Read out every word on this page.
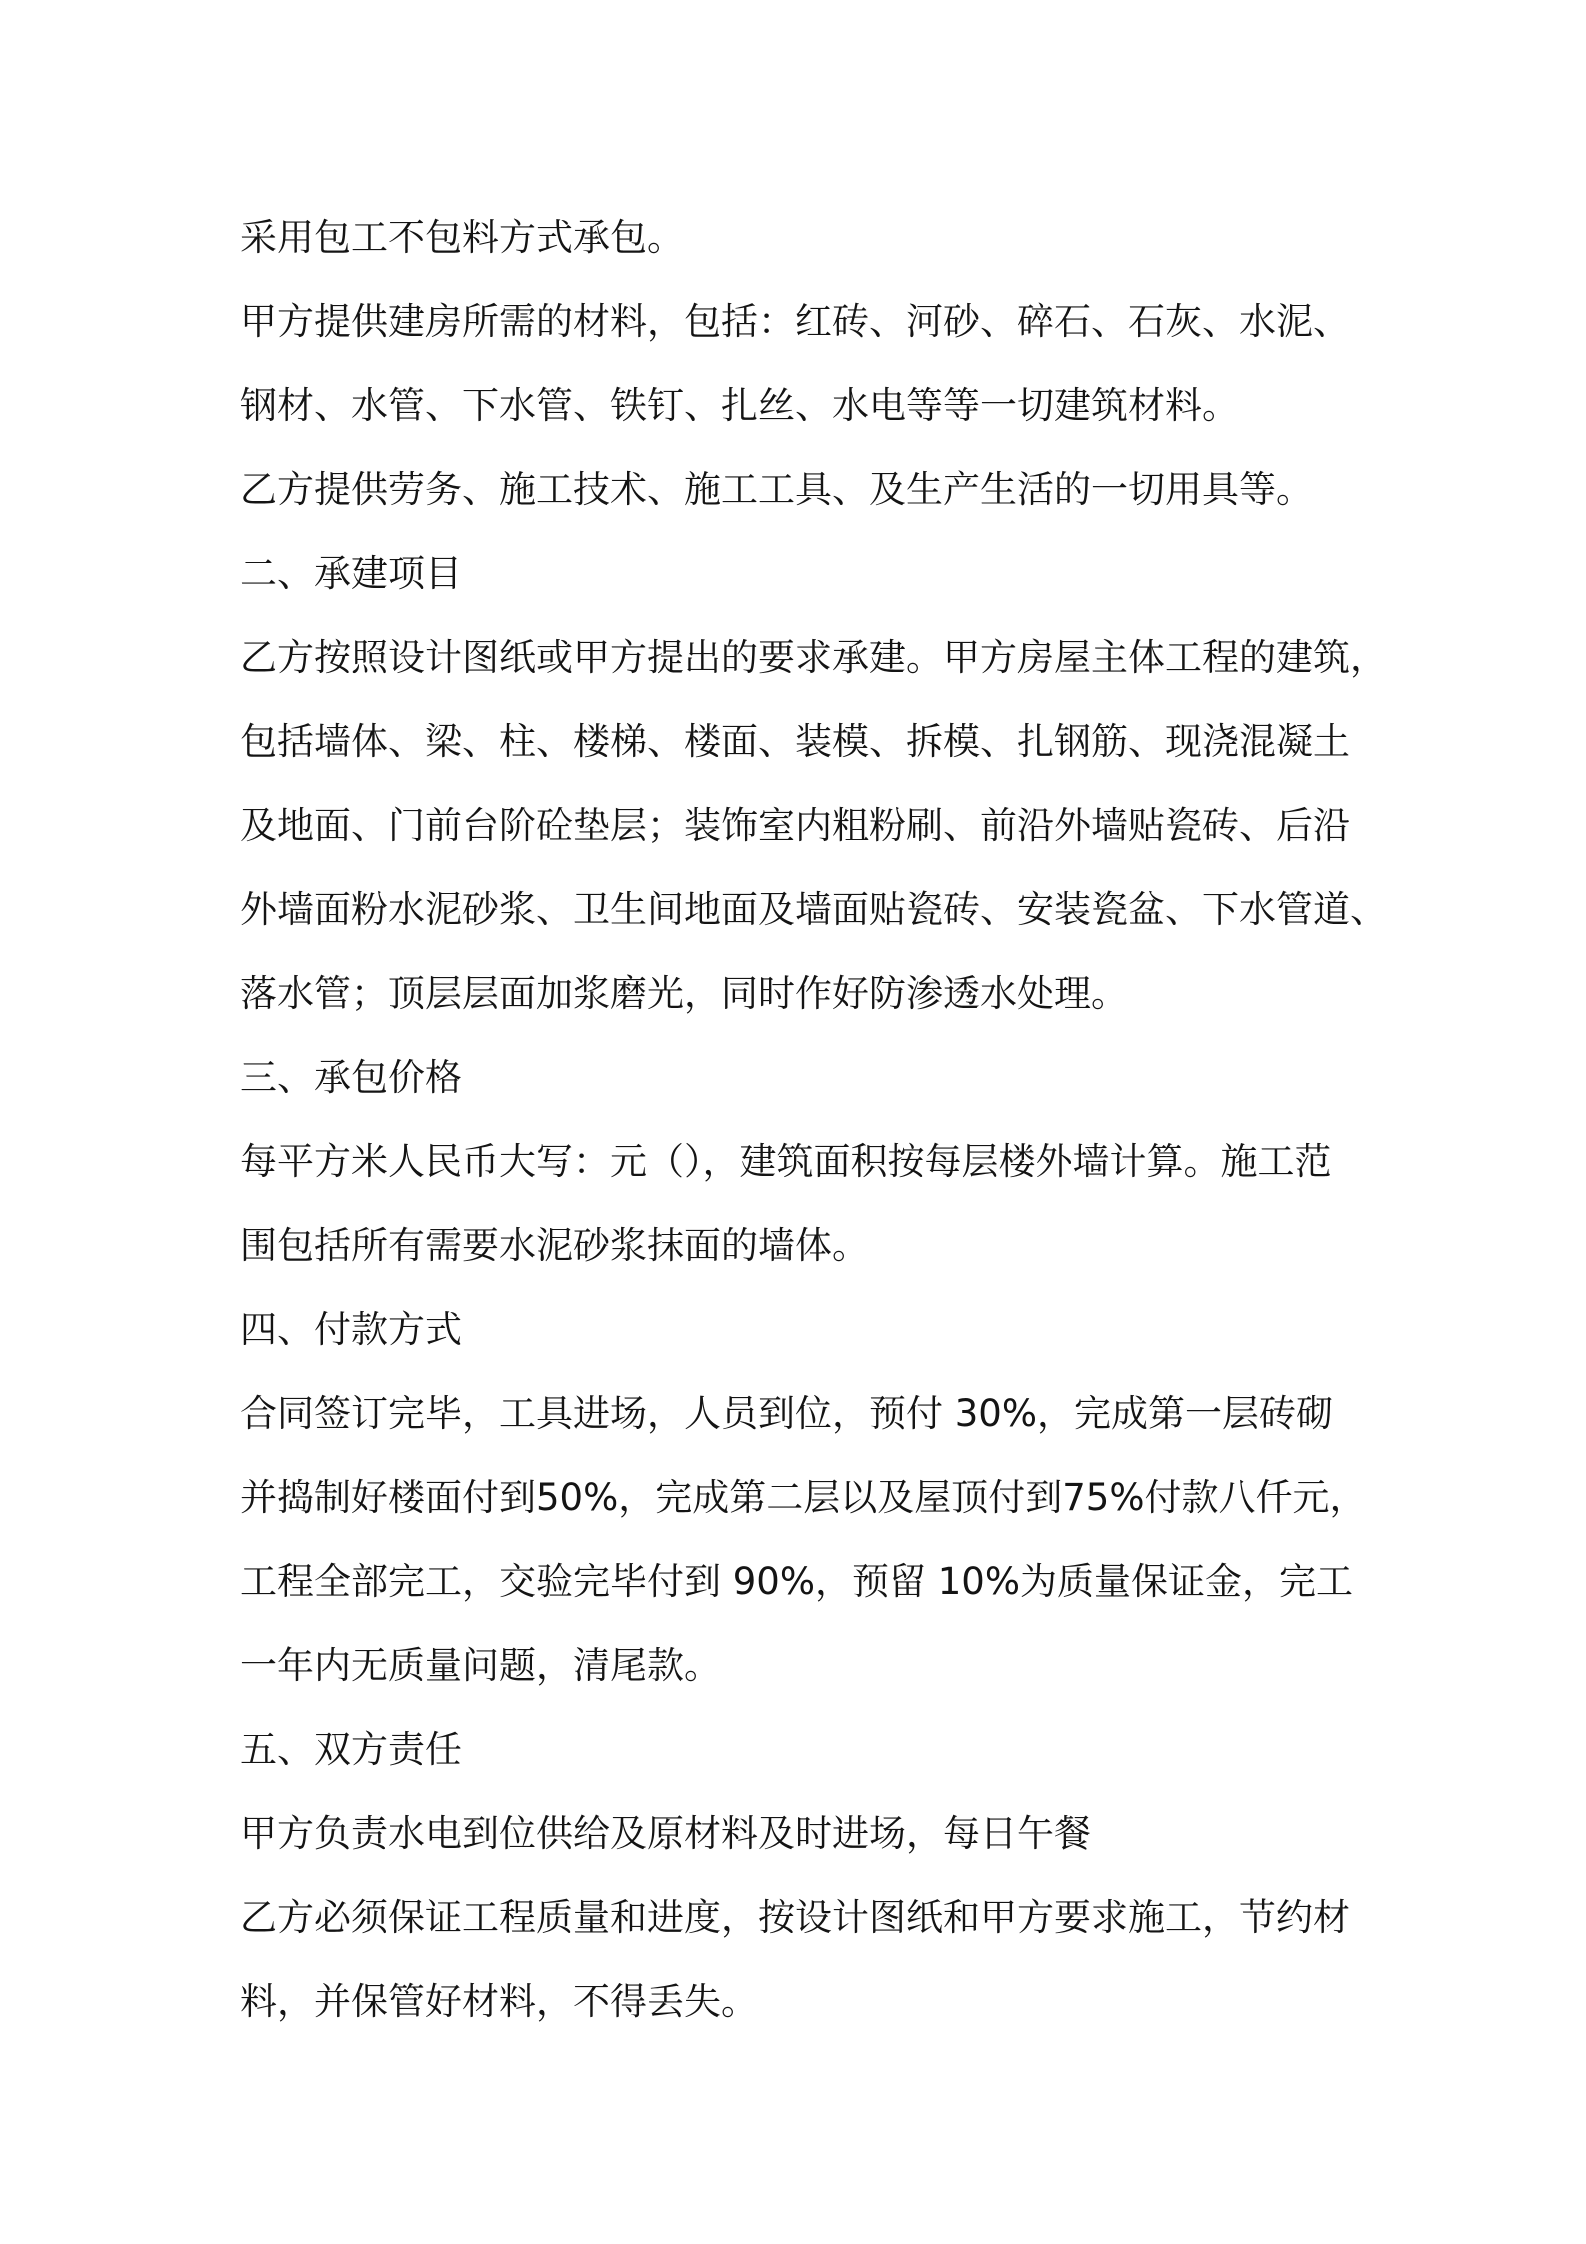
采用包工不包料方式承包。
甲方提供建房所需的材料，包括：红砖、河砂、碎石、石灰、水泥、
钢材、水管、下水管、铁钉、扎丝、水电等等一切建筑材料。
乙方提供劳务、施工技术、施工工具、及生产生活的一切用具等。
二、承建项目
乙方按照设计图纸或甲方提出的要求承建。甲方房屋主体工程的建筑，
包括墙体、梁、柱、楼梯、楼面、装模、拆模、扎钢筋、现浇混凝土
及地面、门前台阶砼垫层；装饰室内粗粉刷、前沿外墙贴瓷砖、后沿
外墙面粉水泥砂浆、卫生间地面及墙面贴瓷砖、安装瓷盆、下水管道、
落水管；顶层层面加浆磨光，同时作好防渗透水处理。
三、承包价格
每平方米人民币大写：元（），建筑面积按每层楼外墙计算。施工范
围包括所有需要水泥砂浆抹面的墙体。
四、付款方式
合同签订完毕，工具进场，人员到位，预付 30%，完成第一层砖砌
并捣制好楼面付到50%，完成第二层以及屋顶付到75%付款八仟元，
工程全部完工，交验完毕付到 90%，预留 10%为质量保证金，完工
一年内无质量问题，清尾款。
五、双方责任
甲方负责水电到位供给及原材料及时进场，每日午餐
乙方必须保证工程质量和进度，按设计图纸和甲方要求施工，节约材
料，并保管好材料，不得丢失。
